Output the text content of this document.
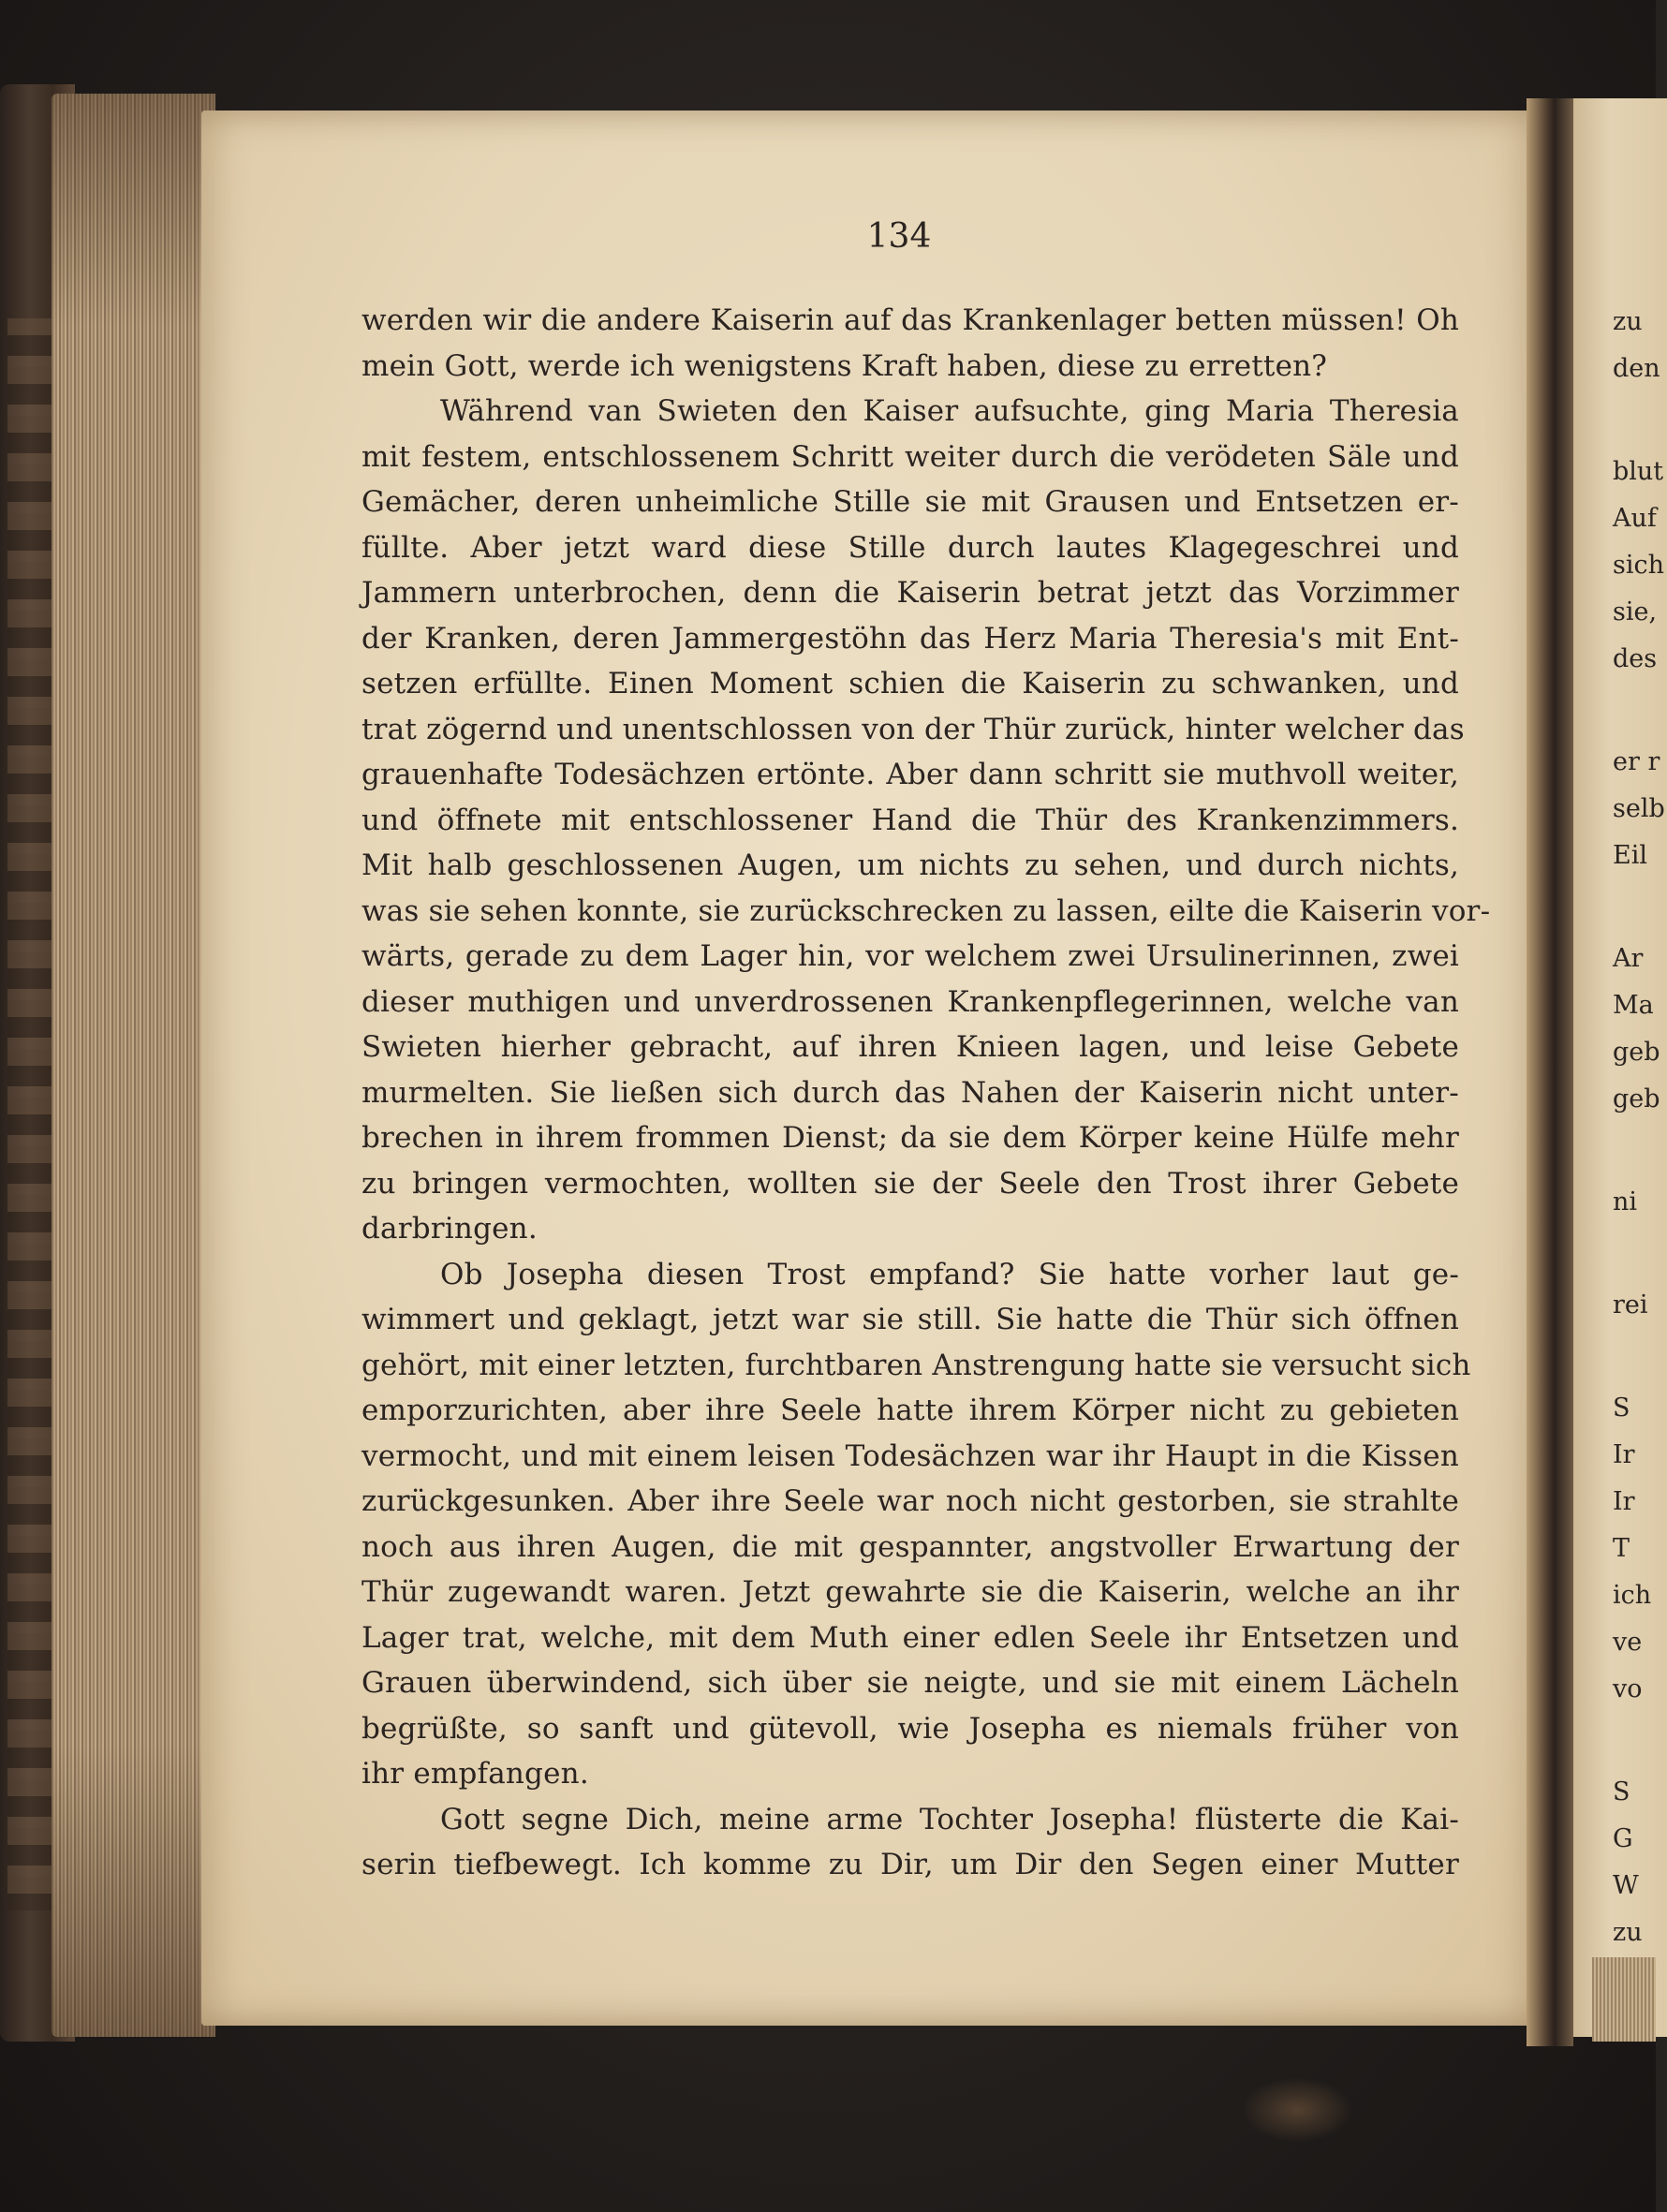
134
werden wir die andere Kaiserin auf das Krankenlager betten müssen! Oh
mein Gott, werde ich wenigstens Kraft haben, diese zu erretten?
Während van Swieten den Kaiser aufsuchte, ging Maria Theresia
mit festem, entschlossenem Schritt weiter durch die verödeten Säle und
Gemächer, deren unheimliche Stille sie mit Grausen und Entsetzen er-
füllte. Aber jetzt ward diese Stille durch lautes Klagegeschrei und
Jammern unterbrochen, denn die Kaiserin betrat jetzt das Vorzimmer
der Kranken, deren Jammergestöhn das Herz Maria Theresia's mit Ent-
setzen erfüllte. Einen Moment schien die Kaiserin zu schwanken, und
trat zögernd und unentschlossen von der Thür zurück, hinter welcher das
grauenhafte Todesächzen ertönte. Aber dann schritt sie muthvoll weiter,
und öffnete mit entschlossener Hand die Thür des Krankenzimmers.
Mit halb geschlossenen Augen, um nichts zu sehen, und durch nichts,
was sie sehen konnte, sie zurückschrecken zu lassen, eilte die Kaiserin vor-
wärts, gerade zu dem Lager hin, vor welchem zwei Ursulinerinnen, zwei
dieser muthigen und unverdrossenen Krankenpflegerinnen, welche van
Swieten hierher gebracht, auf ihren Knieen lagen, und leise Gebete
murmelten. Sie ließen sich durch das Nahen der Kaiserin nicht unter-
brechen in ihrem frommen Dienst; da sie dem Körper keine Hülfe mehr
zu bringen vermochten, wollten sie der Seele den Trost ihrer Gebete
darbringen.
Ob Josepha diesen Trost empfand? Sie hatte vorher laut ge-
wimmert und geklagt, jetzt war sie still. Sie hatte die Thür sich öffnen
gehört, mit einer letzten, furchtbaren Anstrengung hatte sie versucht sich
emporzurichten, aber ihre Seele hatte ihrem Körper nicht zu gebieten
vermocht, und mit einem leisen Todesächzen war ihr Haupt in die Kissen
zurückgesunken. Aber ihre Seele war noch nicht gestorben, sie strahlte
noch aus ihren Augen, die mit gespannter, angstvoller Erwartung der
Thür zugewandt waren. Jetzt gewahrte sie die Kaiserin, welche an ihr
Lager trat, welche, mit dem Muth einer edlen Seele ihr Entsetzen und
Grauen überwindend, sich über sie neigte, und sie mit einem Lächeln
begrüßte, so sanft und gütevoll, wie Josepha es niemals früher von
ihr empfangen.
Gott segne Dich, meine arme Tochter Josepha! flüsterte die Kai-
serin tiefbewegt. Ich komme zu Dir, um Dir den Segen einer Mutter
zu
den
blut
Auf
sich
sie,
des
er r
selb
Eil
Ar
Ma
geb
geb
ni
rei
S
Ir
Ir
T
ich
ve
vo
S
G
W
zu
